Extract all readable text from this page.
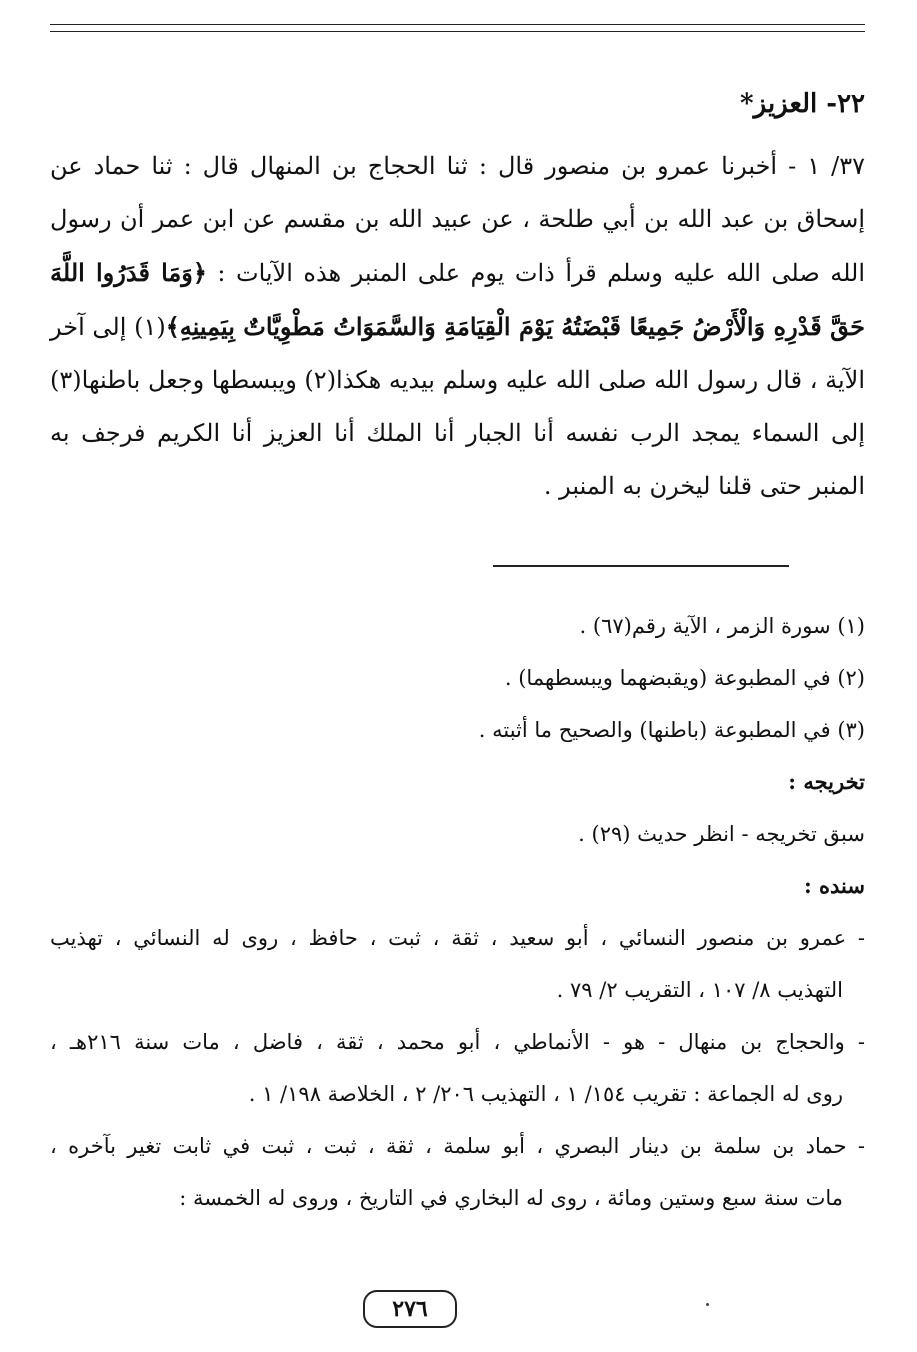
٢٢- العزيز*
٣٧/ ١ - أخبرنا عمرو بن منصور قال : ثنا الحجاج بن المنهال قال : ثنا حماد عن إسحاق بن عبد الله بن أبي طلحة ، عن عبيد الله بن مقسم عن ابن عمر أن رسول الله صلى الله عليه وسلم قرأ ذات يوم على المنبر هذه الآيات : ﴿وَمَا قَدَرُوا اللَّهَ حَقَّ قَدْرِهِ وَالْأَرْضُ جَمِيعًا قَبْضَتُهُ يَوْمَ الْقِيَامَةِ وَالسَّمَوَاتُ مَطْوِيَّاتٌ بِيَمِينِهِ﴾(١) إلى آخر الآية ، قال رسول الله صلى الله عليه وسلم بيديه هكذا(٢) ويبسطها وجعل باطنها(٣) إلى السماء يمجد الرب نفسه أنا الجبار أنا الملك أنا العزيز أنا الكريم فرجف به المنبر حتى قلنا ليخرن به المنبر .
(١) سورة الزمر ، الآية رقم(٦٧) .
(٢) في المطبوعة (ويقبضهما ويبسطهما) .
(٣) في المطبوعة (باطنها) والصحيح ما أثبته .
تخريجه :
سبق تخريجه - انظر حديث (٢٩) .
سنده :
- عمرو بن منصور النسائي ، أبو سعيد ، ثقة ، ثبت ، حافظ ، روى له النسائي ، تهذيب
التهذيب ٨/ ١٠٧ ، التقريب ٢/ ٧٩ .
- والحجاج بن منهال - هو - الأنماطي ، أبو محمد ، ثقة ، فاضل ، مات سنة ٢١٦هـ ،
روى له الجماعة : تقريب ١٥٤/ ١ ، التهذيب ٢٠٦/ ٢ ، الخلاصة ١٩٨/ ١ .
- حماد بن سلمة بن دينار البصري ، أبو سلمة ، ثقة ، ثبت ، ثبت في ثابت تغير بآخره ،
مات سنة سبع وستين ومائة ، روى له البخاري في التاريخ ، وروى له الخمسة :
٢٧٦
